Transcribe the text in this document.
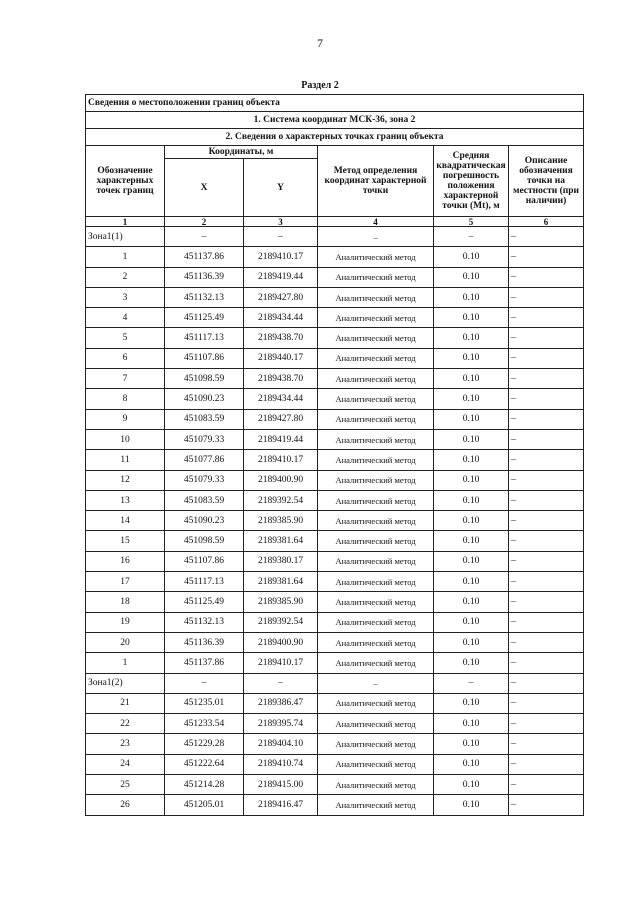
7
Раздел 2
Сведения о местоположении границ объекта					
1. Система координат МСК-36, зона 2					
2. Сведения о характерных точках границ объекта					
Обозначение характерных точек границ	Координаты, м		Метод определения координат характерной точки	Средняя квадратическая погрешность положения характерной точки (Mt), м	Описание обозначения точки на местности (при наличии)
	X	Y			
1	2	3	4	5	6
Зона1(1)	–	–	–	–	–
1	451137.86	2189410.17	Аналитический метод	0.10	–
2	451136.39	2189419.44	Аналитический метод	0.10	–
3	451132.13	2189427.80	Аналитический метод	0.10	–
4	451125.49	2189434.44	Аналитический метод	0.10	–
5	451117.13	2189438.70	Аналитический метод	0.10	–
6	451107.86	2189440.17	Аналитический метод	0.10	–
7	451098.59	2189438.70	Аналитический метод	0.10	–
8	451090.23	2189434.44	Аналитический метод	0.10	–
9	451083.59	2189427.80	Аналитический метод	0.10	–
10	451079.33	2189419.44	Аналитический метод	0.10	–
11	451077.86	2189410.17	Аналитический метод	0.10	–
12	451079.33	2189400.90	Аналитический метод	0.10	–
13	451083.59	2189392.54	Аналитический метод	0.10	–
14	451090.23	2189385.90	Аналитический метод	0.10	–
15	451098.59	2189381.64	Аналитический метод	0.10	–
16	451107.86	2189380.17	Аналитический метод	0.10	–
17	451117.13	2189381.64	Аналитический метод	0.10	–
18	451125.49	2189385.90	Аналитический метод	0.10	–
19	451132.13	2189392.54	Аналитический метод	0.10	–
20	451136.39	2189400.90	Аналитический метод	0.10	–
1	451137.86	2189410.17	Аналитический метод	0.10	–
Зона1(2)	–	–	–	–	–
21	451235.01	2189386.47	Аналитический метод	0.10	–
22	451233.54	2189395.74	Аналитический метод	0.10	–
23	451229.28	2189404.10	Аналитический метод	0.10	–
24	451222.64	2189410.74	Аналитический метод	0.10	–
25	451214.28	2189415.00	Аналитический метод	0.10	–
26	451205.01	2189416.47	Аналитический метод	0.10	–
